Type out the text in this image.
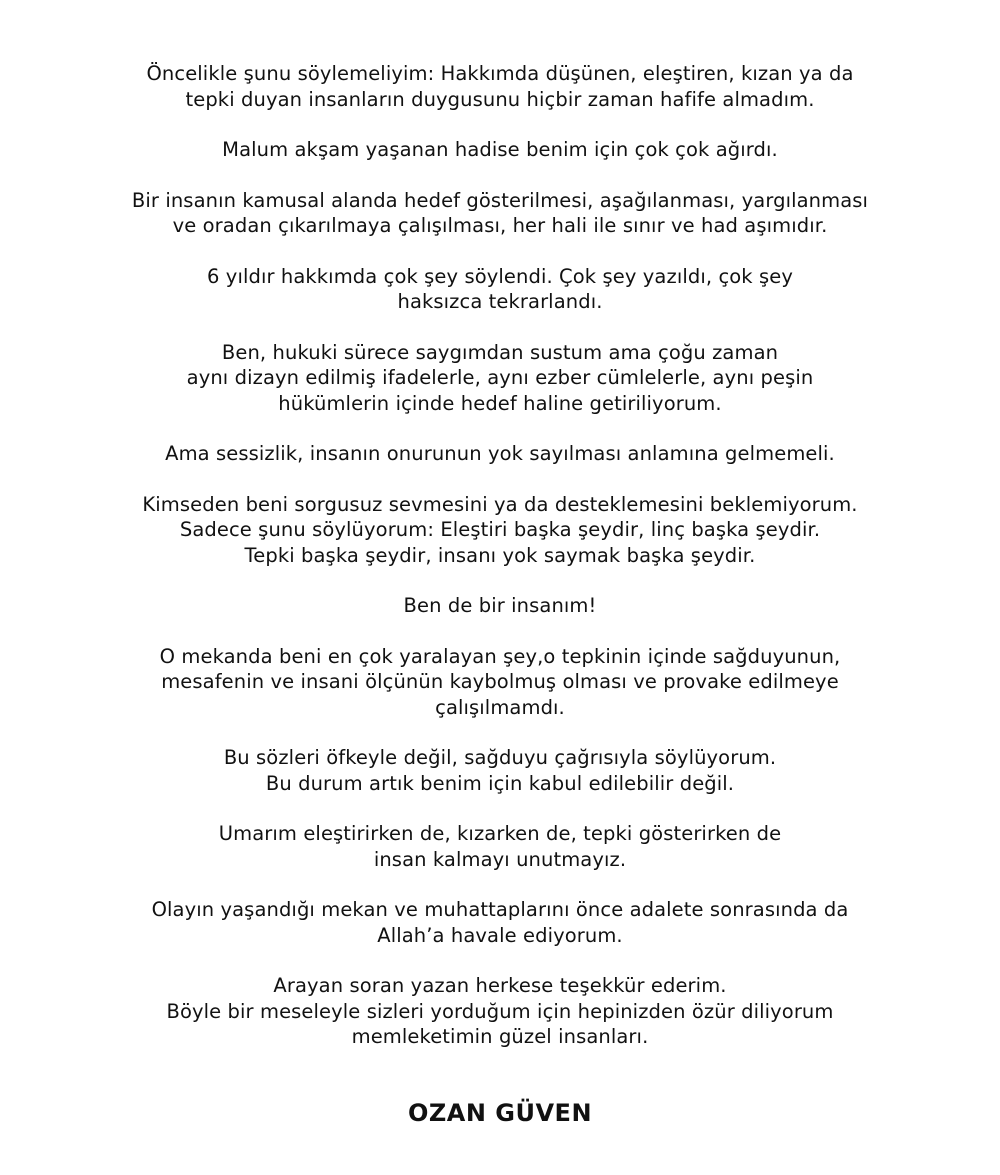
Öncelikle şunu söylemeliyim: Hakkımda düşünen, eleştiren, kızan ya da
tepki duyan insanların duygusunu hiçbir zaman hafife almadım.

Malum akşam yaşanan hadise benim için çok çok ağırdı.

Bir insanın kamusal alanda hedef gösterilmesi, aşağılanması, yargılanması
ve oradan çıkarılmaya çalışılması, her hali ile sınır ve had aşımıdır.

6 yıldır hakkımda çok şey söylendi. Çok şey yazıldı, çok şey
haksızca tekrarlandı.

Ben, hukuki sürece saygımdan sustum ama çoğu zaman
aynı dizayn edilmiş ifadelerle, aynı ezber cümlelerle, aynı peşin
hükümlerin içinde hedef haline getiriliyorum.

Ama sessizlik, insanın onurunun yok sayılması anlamına gelmemeli.

Kimseden beni sorgusuz sevmesini ya da desteklemesini beklemiyorum.
Sadece şunu söylüyorum: Eleştiri başka şeydir, linç başka şeydir.
Tepki başka şeydir, insanı yok saymak başka şeydir.

Ben de bir insanım!

O mekanda beni en çok yaralayan şey,o tepkinin içinde sağduyunun,
mesafenin ve insani ölçünün kaybolmuş olması ve provake edilmeye
çalışılmamdı.

Bu sözleri öfkeyle değil, sağduyu çağrısıyla söylüyorum.
Bu durum artık benim için kabul edilebilir değil.

Umarım eleştirirken de, kızarken de, tepki gösterirken de
insan kalmayı unutmayız.

Olayın yaşandığı mekan ve muhattaplarını önce adalete sonrasında da
Allah’a havale ediyorum.

Arayan soran yazan herkese teşekkür ederim.
Böyle bir meseleyle sizleri yorduğum için hepinizden özür diliyorum
memleketimin güzel insanları.

OZAN GÜVEN
